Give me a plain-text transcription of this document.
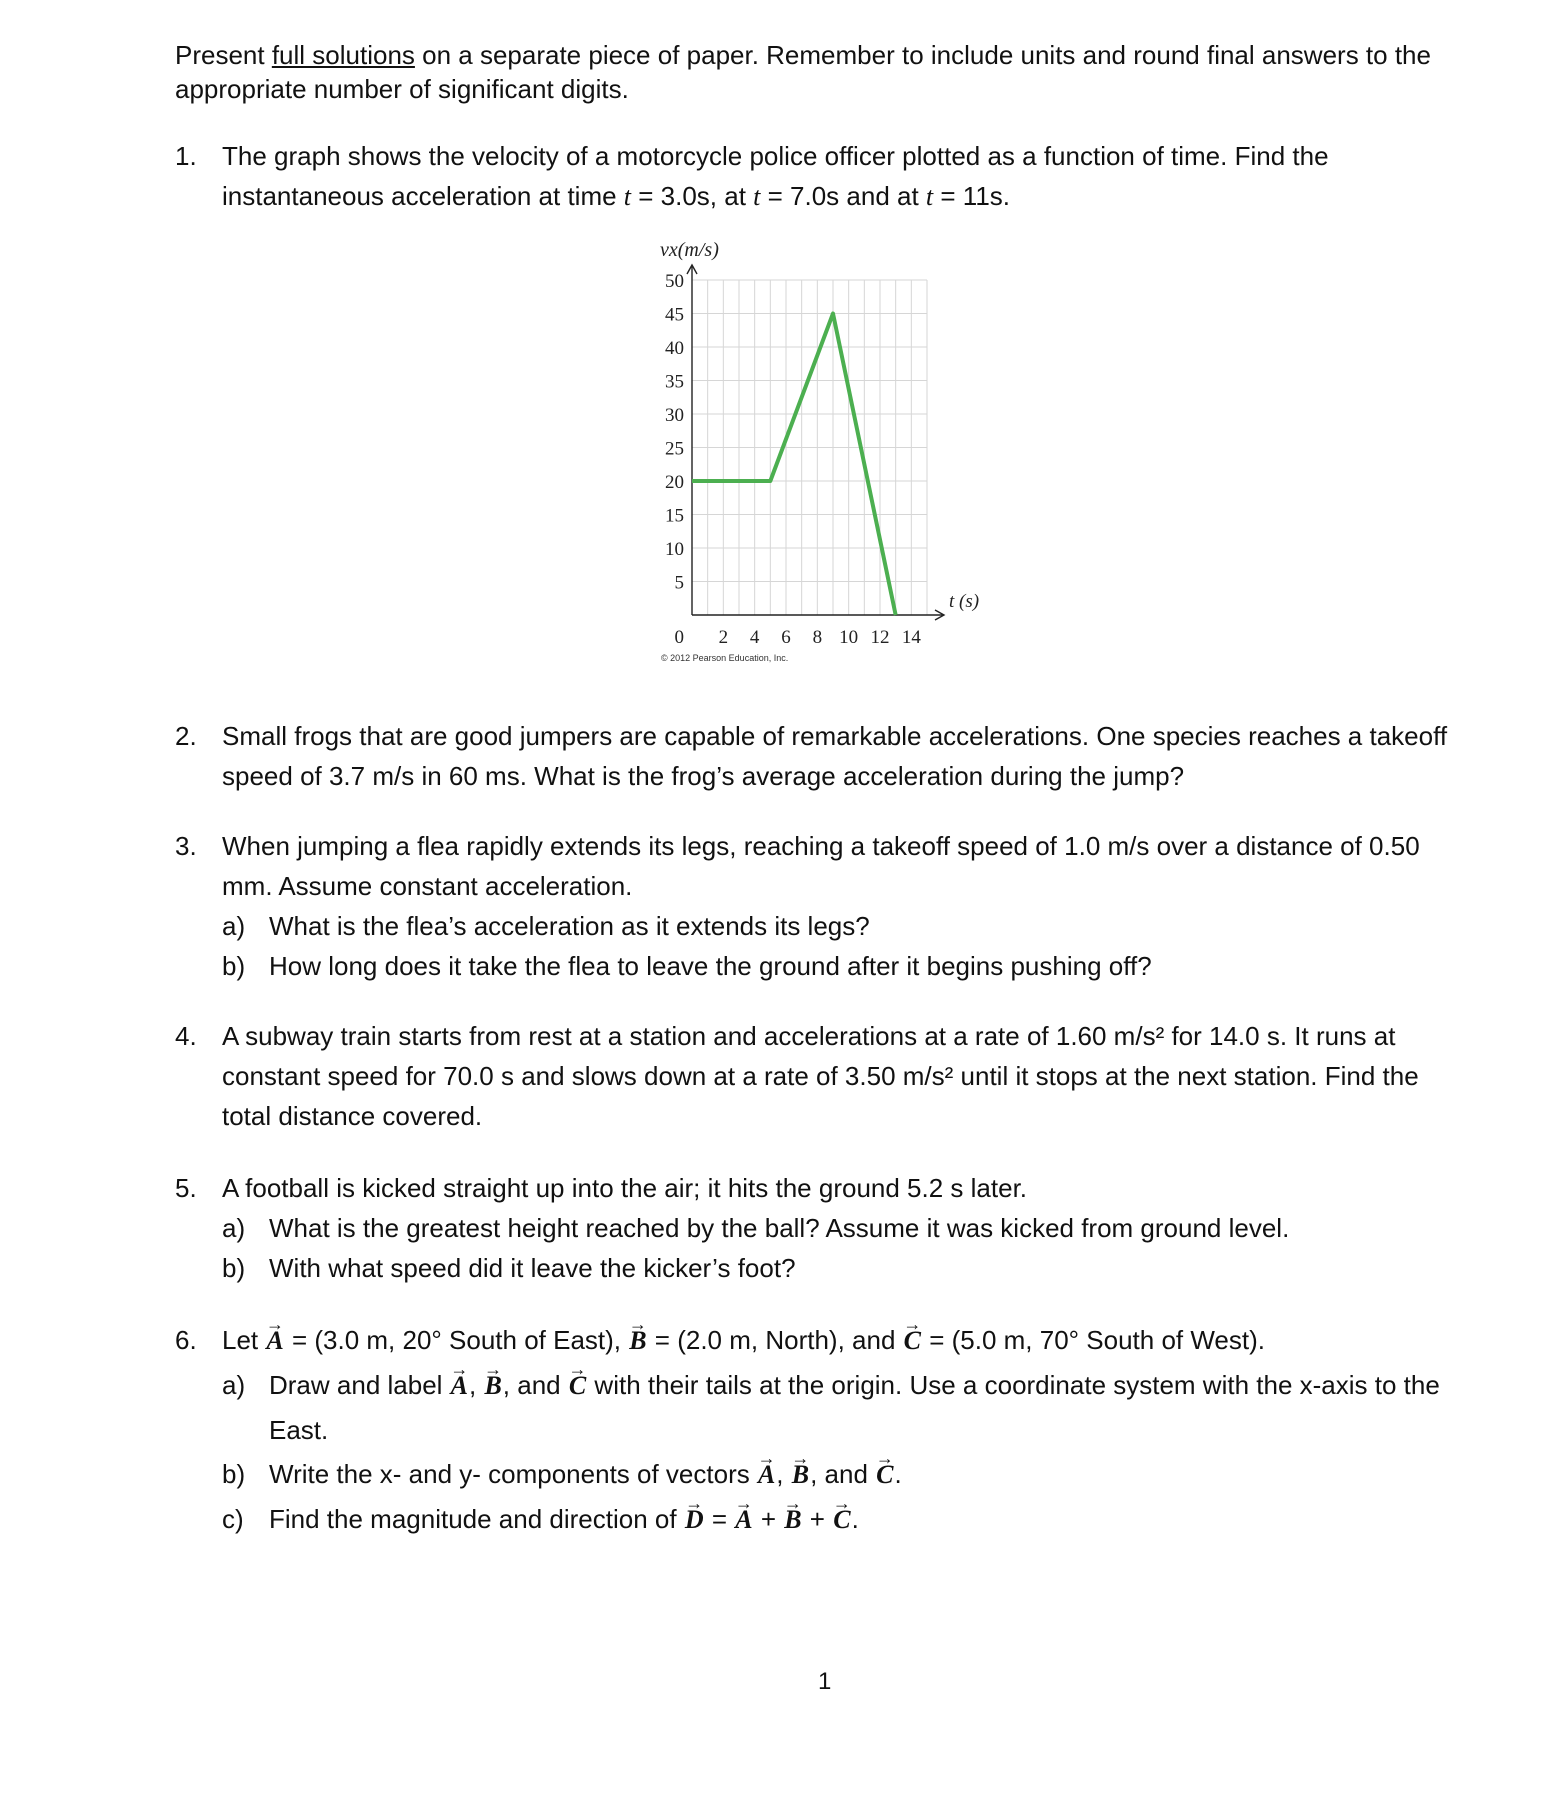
Present full solutions on a separate piece of paper. Remember to include units and round final answers to the appropriate number of significant digits.
1. The graph shows the velocity of a motorcycle police officer plotted as a function of time. Find the instantaneous acceleration at time t = 3.0s, at t = 7.0s and at t = 11s.
5
10
15
20
25
30
35
40
45
50
2 4 6 8 10 12 14
0
vx(m/s)
t (s)
© 2012 Pearson Education, Inc.
2. Small frogs that are good jumpers are capable of remarkable accelerations. One species reaches a takeoff speed of 3.7 m/s in 60 ms. What is the frog’s average acceleration during the jump?
3. When jumping a flea rapidly extends its legs, reaching a takeoff speed of 1.0 m/s over a distance of 0.50 mm. Assume constant acceleration.
a) What is the flea’s acceleration as it extends its legs?
b) How long does it take the flea to leave the ground after it begins pushing off?
4. A subway train starts from rest at a station and accelerations at a rate of 1.60 m/s² for 14.0 s. It runs at constant speed for 70.0 s and slows down at a rate of 3.50 m/s² until it stops at the next station. Find the total distance covered.
5. A football is kicked straight up into the air; it hits the ground 5.2 s later.
a) What is the greatest height reached by the ball? Assume it was kicked from ground level.
b) With what speed did it leave the kicker’s foot?
6. Let → A = (3.0 m, 20° South of East), → B = (2.0 m, North), and → C = (5.0 m, 70° South of West).
a) Draw and label → A, → B, and → C with their tails at the origin. Use a coordinate system with the x-axis to the East.
b) Write the x- and y- components of vectors → A, → B, and → C.
c) Find the magnitude and direction of → D = → A + → B + → C.
1
